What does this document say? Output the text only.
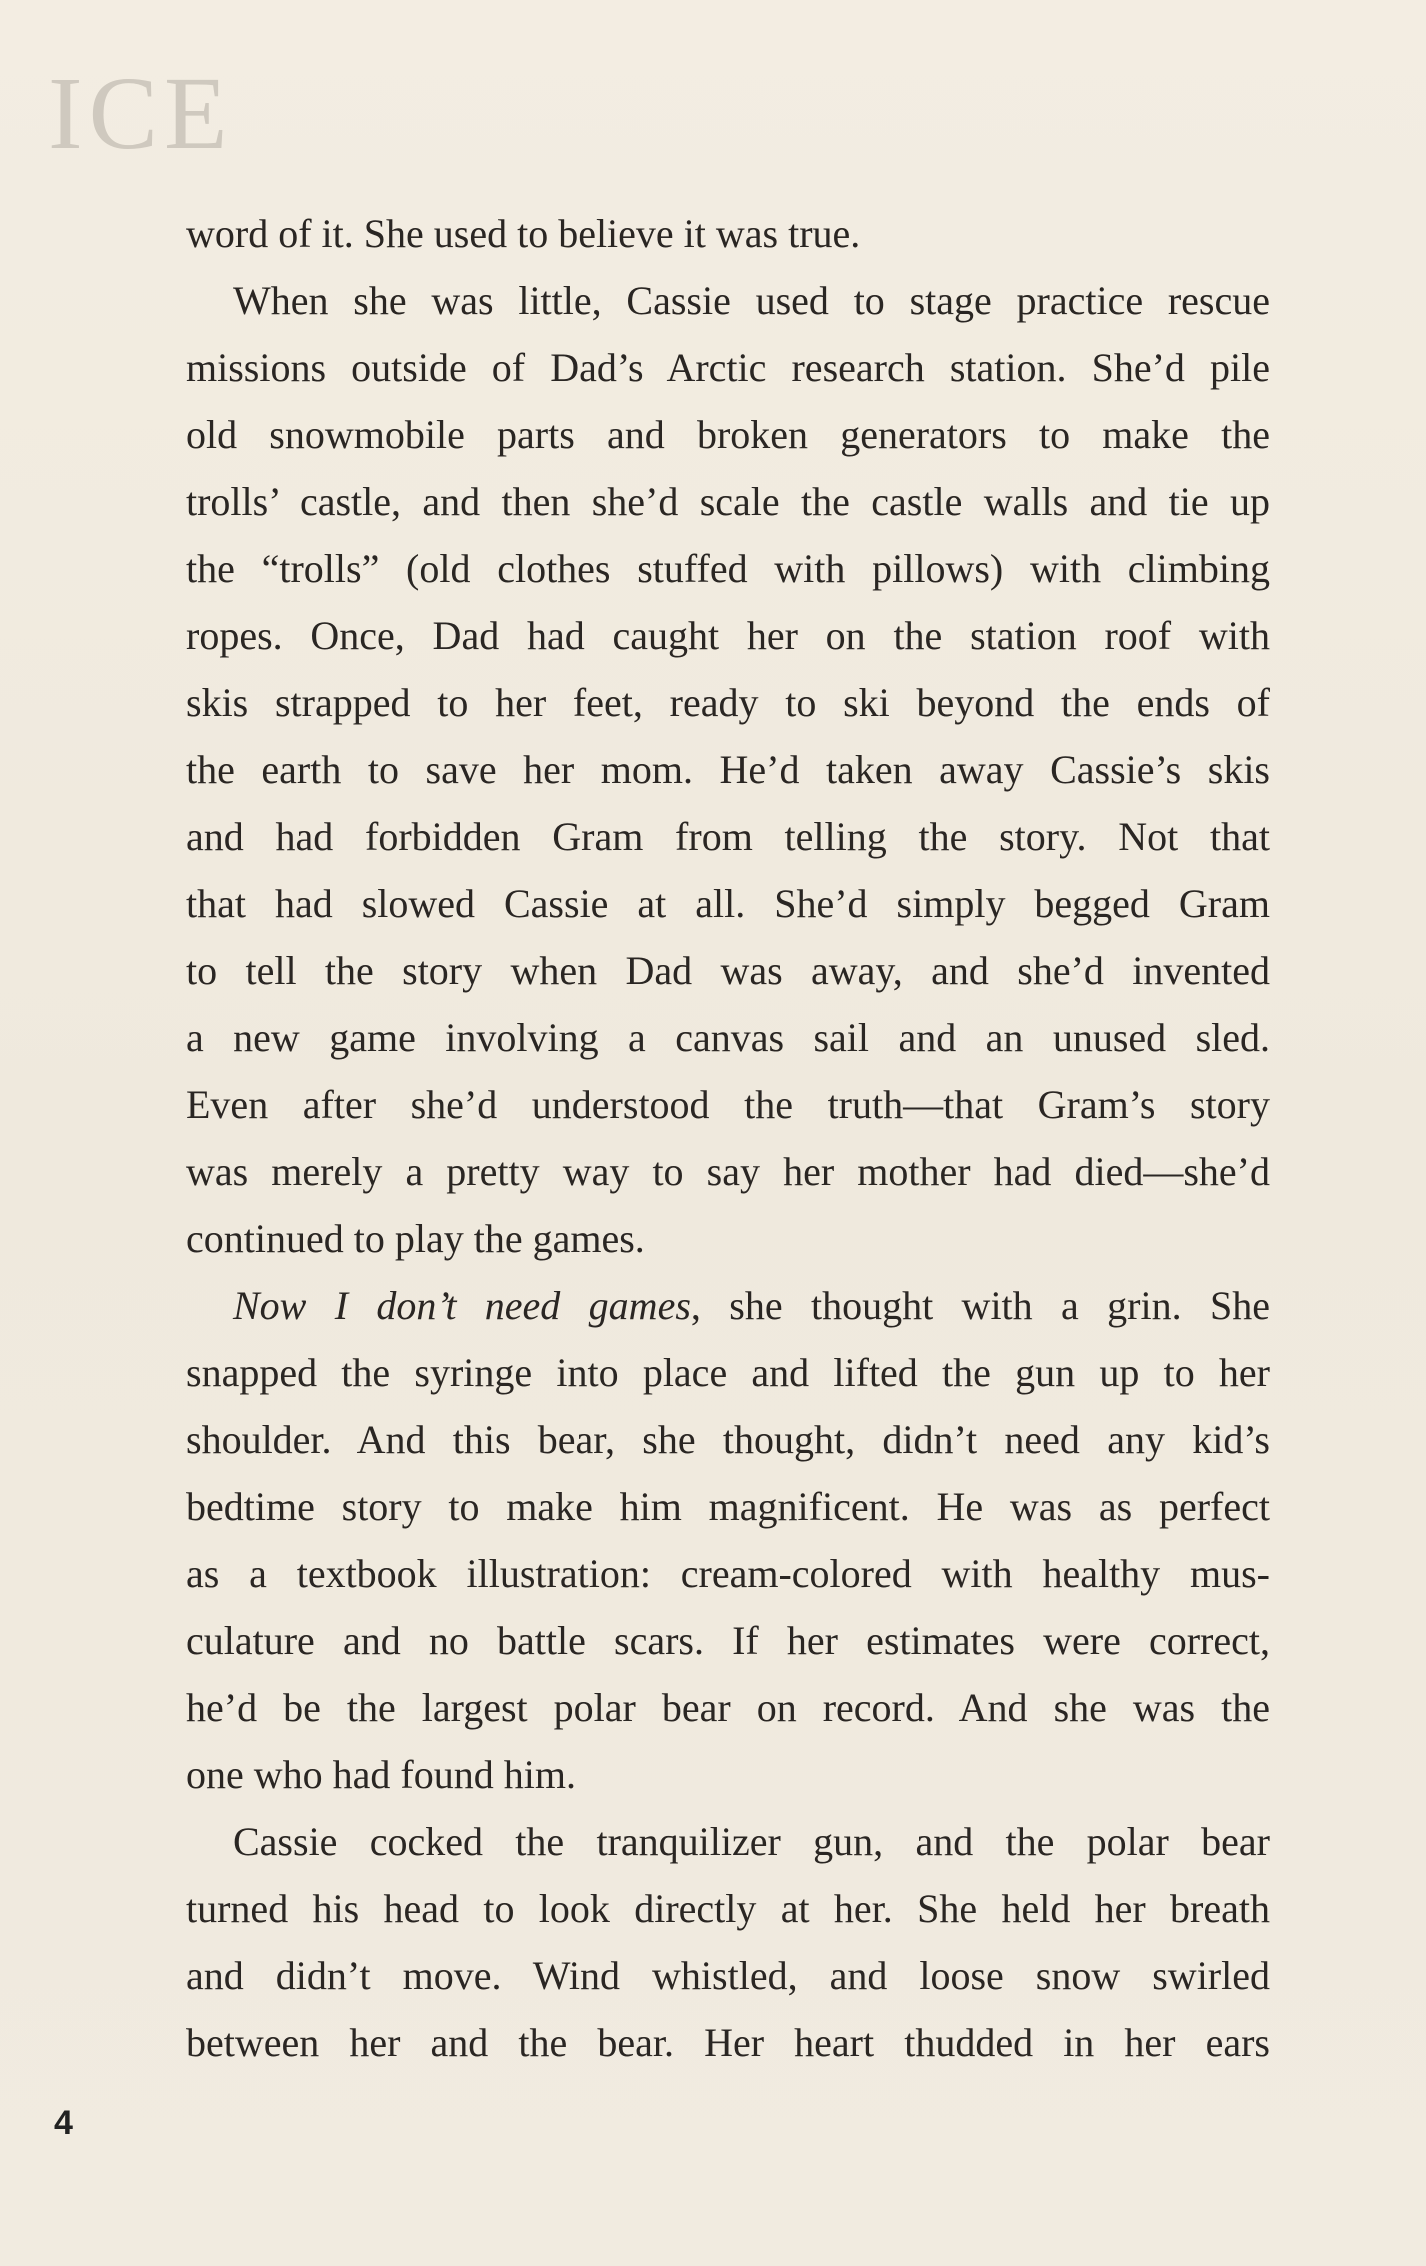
ICE
word of it. She used to believe it was true.
When she was little, Cassie used to stage practice rescue
missions outside of Dad’s Arctic research station. She’d pile
old snowmobile parts and broken generators to make the
trolls’ castle, and then she’d scale the castle walls and tie up
the “trolls” (old clothes stuffed with pillows) with climbing
ropes. Once, Dad had caught her on the station roof with
skis strapped to her feet, ready to ski beyond the ends of
the earth to save her mom. He’d taken away Cassie’s skis
and had forbidden Gram from telling the story. Not that
that had slowed Cassie at all. She’d simply begged Gram
to tell the story when Dad was away, and she’d invented
a new game involving a canvas sail and an unused sled.
Even after she’d understood the truth—that Gram’s story
was merely a pretty way to say her mother had died—she’d
continued to play the games.
Now I don’t need games, she thought with a grin. She
snapped the syringe into place and lifted the gun up to her
shoulder. And this bear, she thought, didn’t need any kid’s
bedtime story to make him magnificent. He was as perfect
as a textbook illustration: cream-colored with healthy mus-
culature and no battle scars. If her estimates were correct,
he’d be the largest polar bear on record. And she was the
one who had found him.
Cassie cocked the tranquilizer gun, and the polar bear
turned his head to look directly at her. She held her breath
and didn’t move. Wind whistled, and loose snow swirled
between her and the bear. Her heart thudded in her ears
4
